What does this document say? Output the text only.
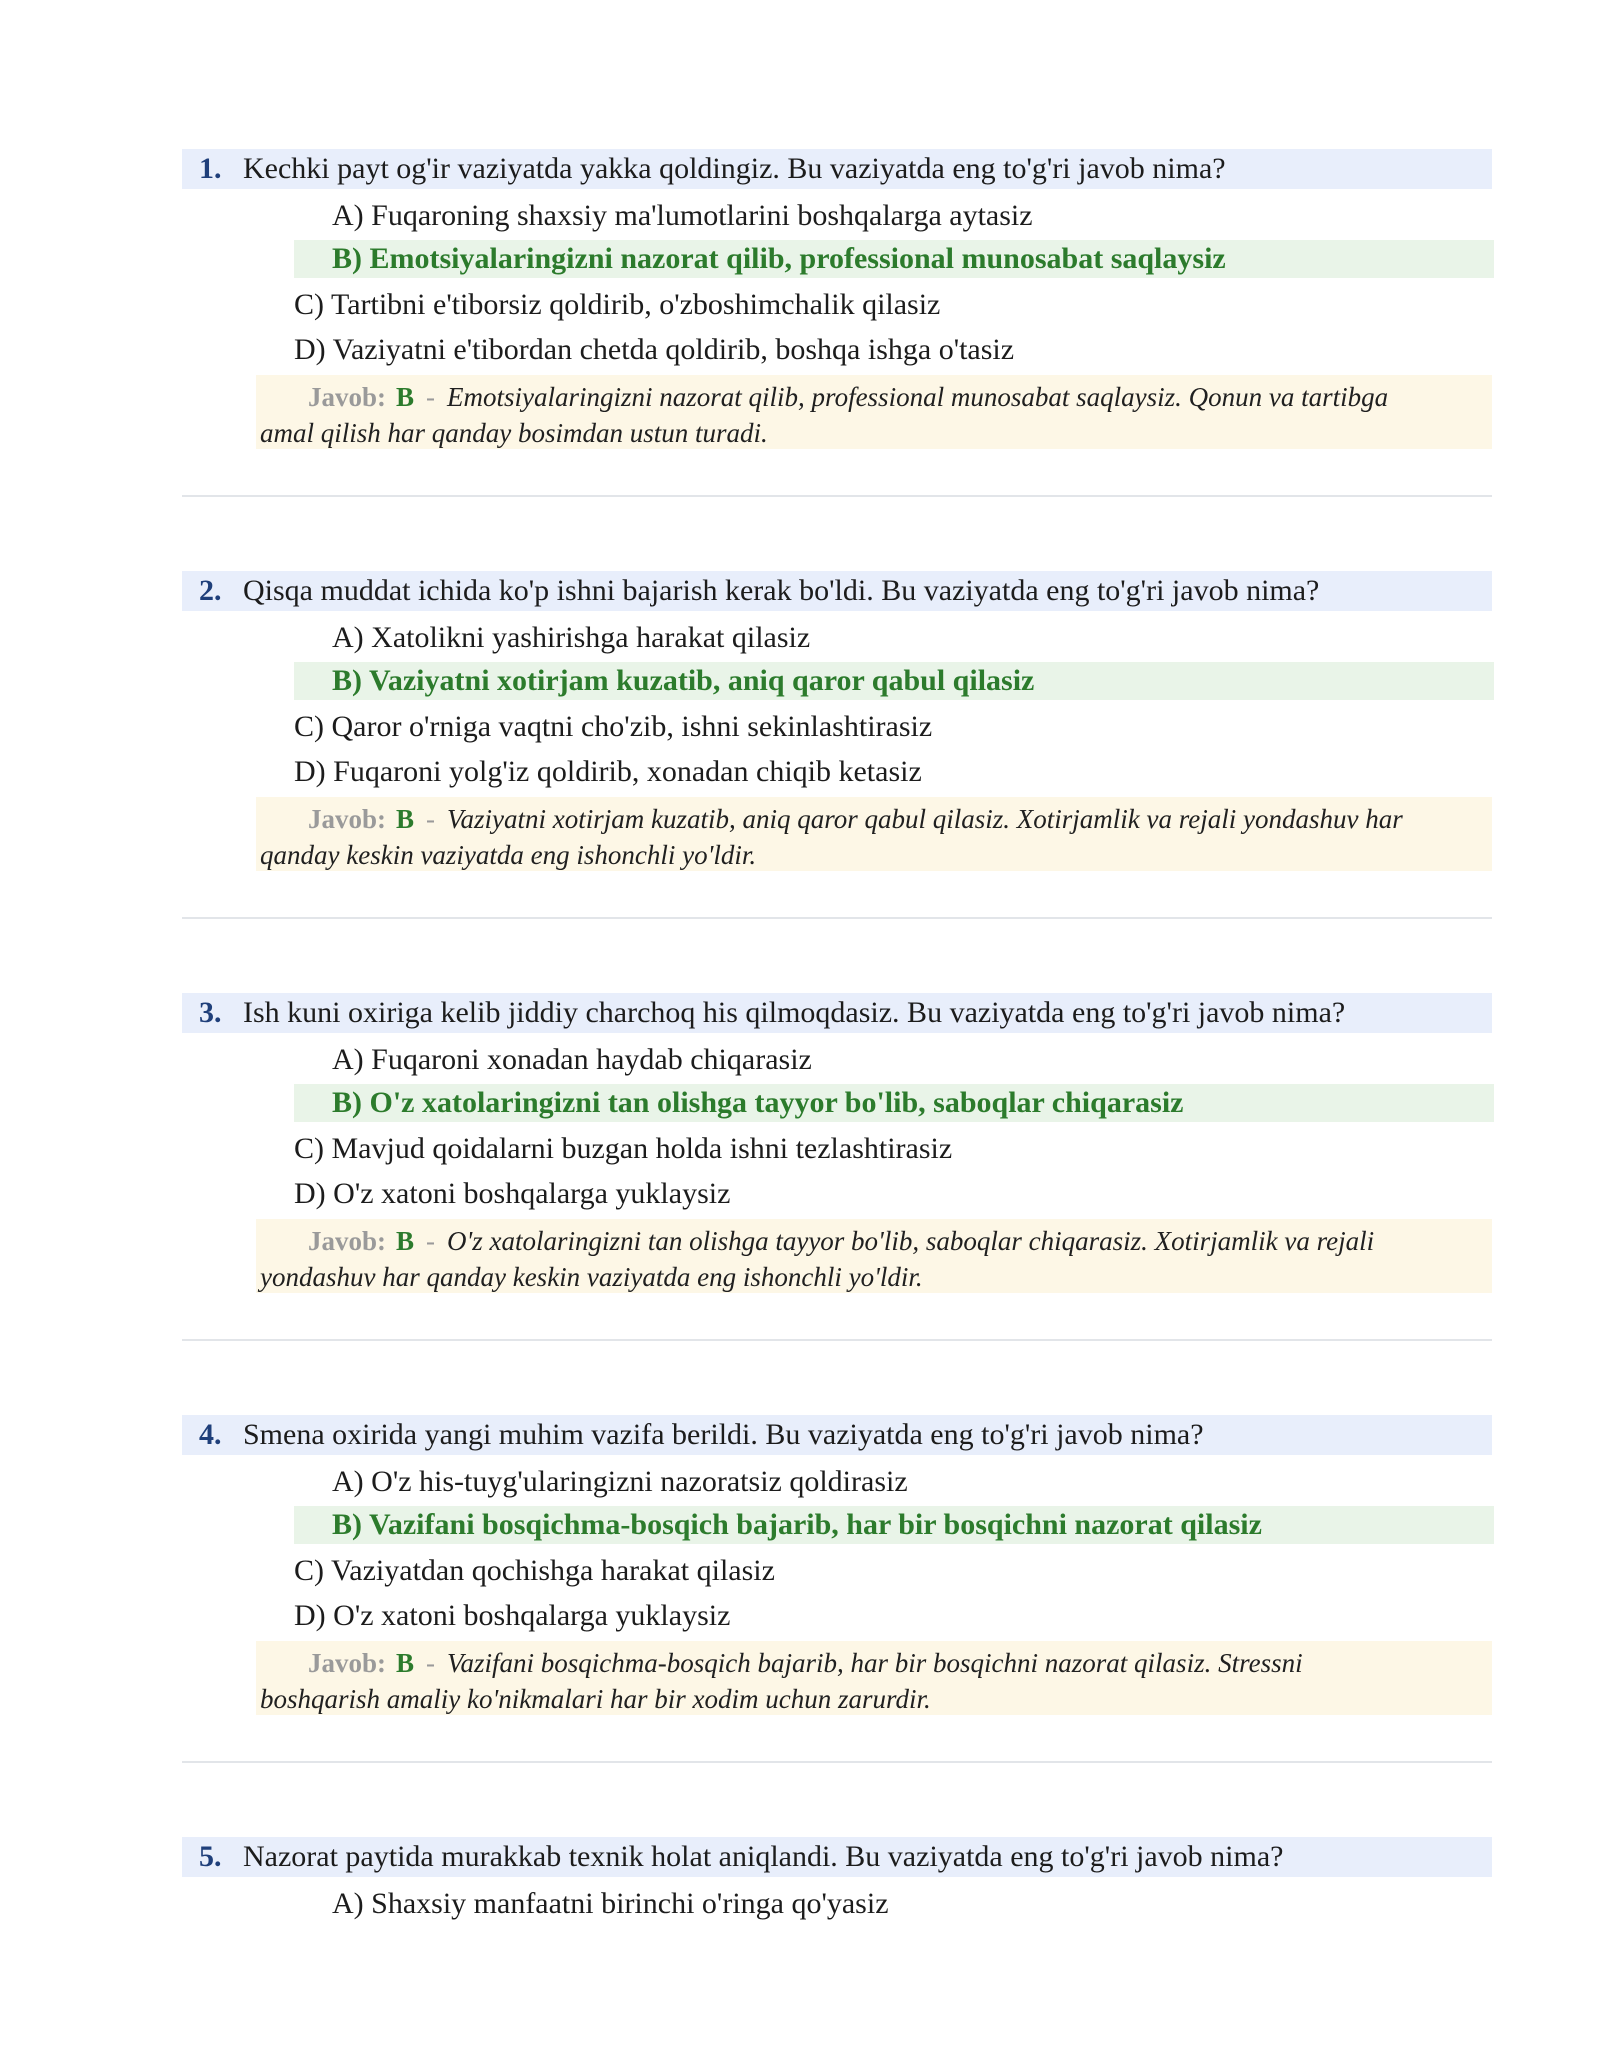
1. Kechki payt og'ir vaziyatda yakka qoldingiz. Bu vaziyatda eng to'g'ri javob nima?
A) Fuqaroning shaxsiy ma'lumotlarini boshqalarga aytasiz
B) Emotsiyalaringizni nazorat qilib, professional munosabat saqlaysiz
C) Tartibni e'tiborsiz qoldirib, o'zboshimchalik qilasiz
D) Vaziyatni e'tibordan chetda qoldirib, boshqa ishga o'tasiz
Javob: B - Emotsiyalaringizni nazorat qilib, professional munosabat saqlaysiz. Qonun va tartibga
amal qilish har qanday bosimdan ustun turadi.
2. Qisqa muddat ichida ko'p ishni bajarish kerak bo'ldi. Bu vaziyatda eng to'g'ri javob nima?
A) Xatolikni yashirishga harakat qilasiz
B) Vaziyatni xotirjam kuzatib, aniq qaror qabul qilasiz
C) Qaror o'rniga vaqtni cho'zib, ishni sekinlashtirasiz
D) Fuqaroni yolg'iz qoldirib, xonadan chiqib ketasiz
Javob: B - Vaziyatni xotirjam kuzatib, aniq qaror qabul qilasiz. Xotirjamlik va rejali yondashuv har
qanday keskin vaziyatda eng ishonchli yo'ldir.
3. Ish kuni oxiriga kelib jiddiy charchoq his qilmoqdasiz. Bu vaziyatda eng to'g'ri javob nima?
A) Fuqaroni xonadan haydab chiqarasiz
B) O'z xatolaringizni tan olishga tayyor bo'lib, saboqlar chiqarasiz
C) Mavjud qoidalarni buzgan holda ishni tezlashtirasiz
D) O'z xatoni boshqalarga yuklaysiz
Javob: B - O'z xatolaringizni tan olishga tayyor bo'lib, saboqlar chiqarasiz. Xotirjamlik va rejali
yondashuv har qanday keskin vaziyatda eng ishonchli yo'ldir.
4. Smena oxirida yangi muhim vazifa berildi. Bu vaziyatda eng to'g'ri javob nima?
A) O'z his-tuyg'ularingizni nazoratsiz qoldirasiz
B) Vazifani bosqichma-bosqich bajarib, har bir bosqichni nazorat qilasiz
C) Vaziyatdan qochishga harakat qilasiz
D) O'z xatoni boshqalarga yuklaysiz
Javob: B - Vazifani bosqichma-bosqich bajarib, har bir bosqichni nazorat qilasiz. Stressni
boshqarish amaliy ko'nikmalari har bir xodim uchun zarurdir.
5. Nazorat paytida murakkab texnik holat aniqlandi. Bu vaziyatda eng to'g'ri javob nima?
A) Shaxsiy manfaatni birinchi o'ringa qo'yasiz
